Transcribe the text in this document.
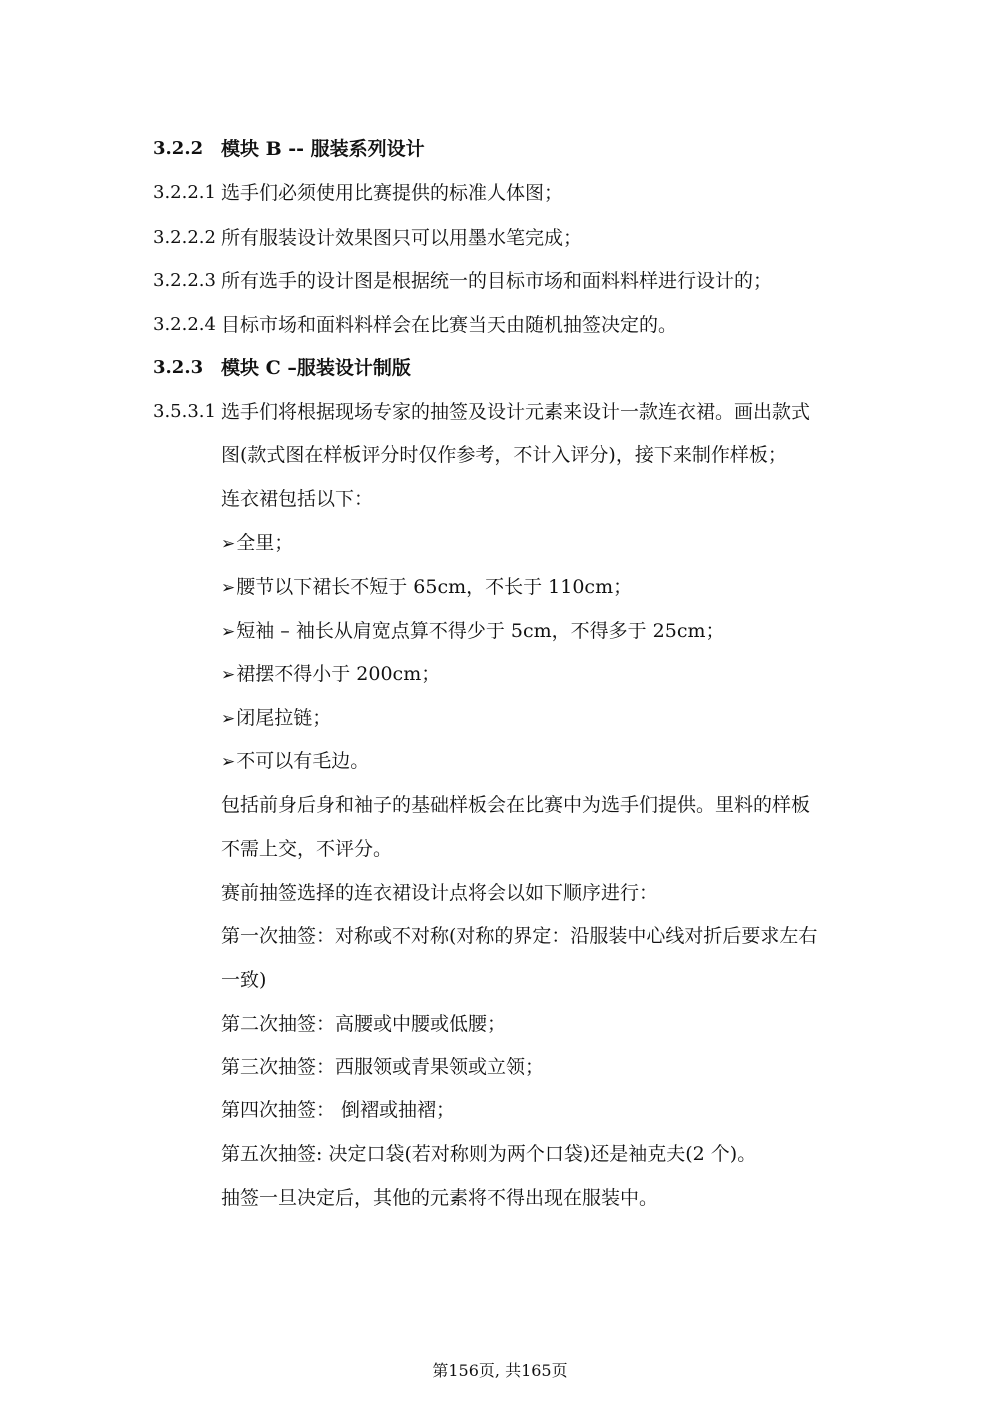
3.2.2 模块 B -- 服装系列设计
3.2.2.1 选手们必须使用比赛提供的标准人体图；
3.2.2.2 所有服装设计效果图只可以用墨水笔完成；
3.2.2.3 所有选手的设计图是根据统一的目标市场和面料料样进行设计的；
3.2.2.4 目标市场和面料料样会在比赛当天由随机抽签决定的。
3.2.3 模块 C –服装设计制版
3.5.3.1 选手们将根据现场专家的抽签及设计元素来设计一款连衣裙。画出款式
图(款式图在样板评分时仅作参考，不计入评分)，接下来制作样板；
连衣裙包括以下：
➢全里；
➢腰节以下裙长不短于 65cm，不长于 110cm；
➢短袖 – 袖长从肩宽点算不得少于 5cm，不得多于 25cm；
➢裙摆不得小于 200cm；
➢闭尾拉链；
➢不可以有毛边。
包括前身后身和袖子的基础样板会在比赛中为选手们提供。里料的样板
不需上交，不评分。
赛前抽签选择的连衣裙设计点将会以如下顺序进行：
第一次抽签：对称或不对称(对称的界定：沿服装中心线对折后要求左右
一致)
第二次抽签：高腰或中腰或低腰；
第三次抽签：西服领或青果领或立领；
第四次抽签： 倒褶或抽褶；
第五次抽签: 决定口袋(若对称则为两个口袋)还是袖克夫(2 个)。
抽签一旦决定后，其他的元素将不得出现在服装中。
第156页, 共165页
